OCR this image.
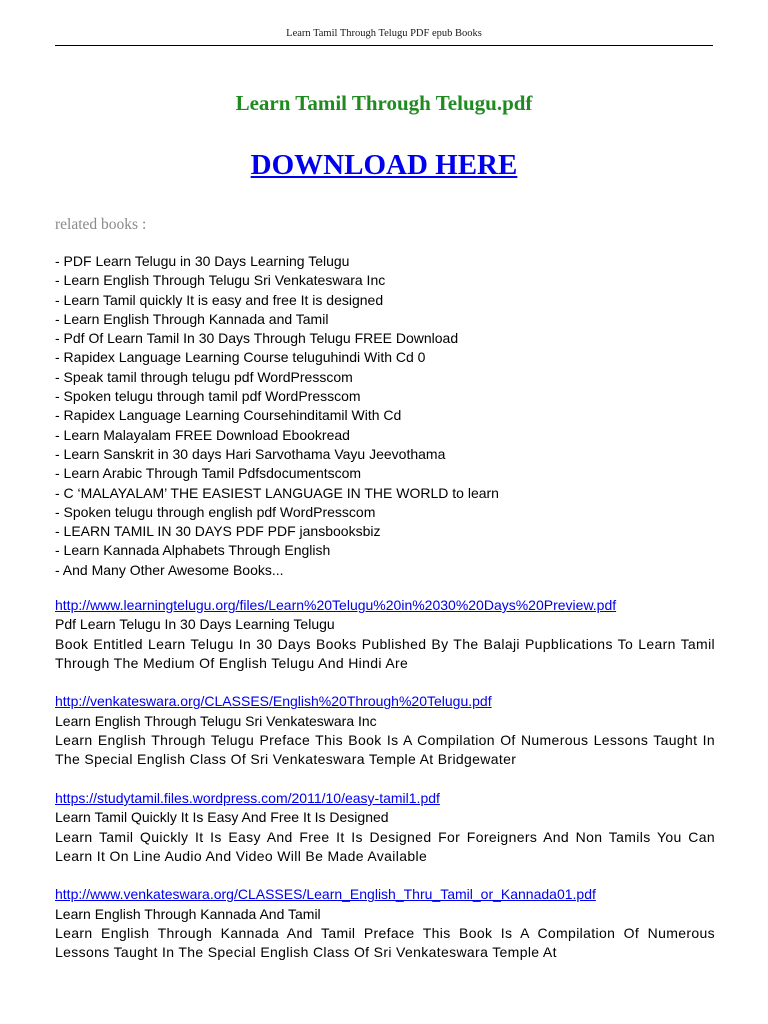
Learn Tamil Through Telugu PDF epub Books
Learn Tamil Through Telugu.pdf
DOWNLOAD HERE
related books :
- PDF Learn Telugu in 30 Days Learning Telugu
- Learn English Through Telugu Sri Venkateswara Inc
- Learn Tamil quickly It is easy and free It is designed
- Learn English Through Kannada and Tamil
- Pdf Of Learn Tamil In 30 Days Through Telugu FREE Download
- Rapidex Language Learning Course teluguhindi With Cd 0
- Speak tamil through telugu pdf WordPresscom
- Spoken telugu through tamil pdf WordPresscom
- Rapidex Language Learning Coursehinditamil With Cd
- Learn Malayalam FREE Download Ebookread
- Learn Sanskrit in 30 days Hari Sarvothama Vayu Jeevothama
- Learn Arabic Through Tamil Pdfsdocumentscom
- C ‘MALAYALAM’ THE EASIEST LANGUAGE IN THE WORLD to learn
- Spoken telugu through english pdf WordPresscom
- LEARN TAMIL IN 30 DAYS PDF PDF jansbooksbiz
- Learn Kannada Alphabets Through English
- And Many Other Awesome Books...
http://www.learningtelugu.org/files/Learn%20Telugu%20in%2030%20Days%20Preview.pdf
Pdf Learn Telugu In 30 Days Learning Telugu
Book Entitled Learn Telugu In 30 Days Books Published By The Balaji Pupblications To Learn Tamil Through The Medium Of English Telugu And Hindi Are
http://venkateswara.org/CLASSES/English%20Through%20Telugu.pdf
Learn English Through Telugu Sri Venkateswara Inc
Learn English Through Telugu Preface This Book Is A Compilation Of Numerous Lessons Taught In The Special English Class Of Sri Venkateswara Temple At Bridgewater
https://studytamil.files.wordpress.com/2011/10/easy-tamil1.pdf
Learn Tamil Quickly It Is Easy And Free It Is Designed
Learn Tamil Quickly It Is Easy And Free It Is Designed For Foreigners And Non Tamils You Can Learn It On Line Audio And Video Will Be Made Available
http://www.venkateswara.org/CLASSES/Learn_English_Thru_Tamil_or_Kannada01.pdf
Learn English Through Kannada And Tamil
Learn English Through Kannada And Tamil Preface This Book Is A Compilation Of Numerous Lessons Taught In The Special English Class Of Sri Venkateswara Temple At
